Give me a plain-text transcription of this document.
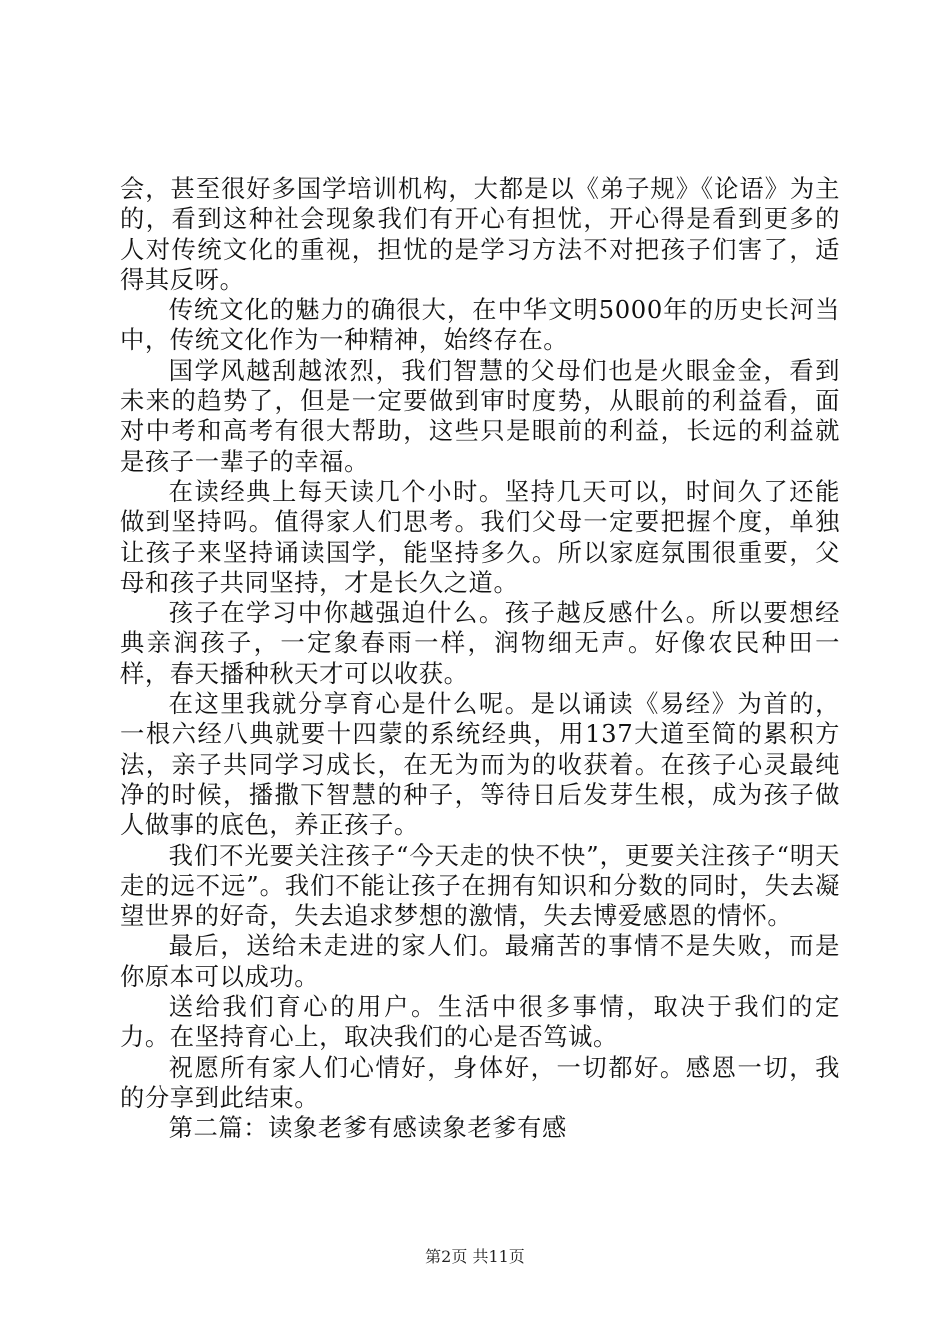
会，甚至很好多国学培训机构，大都是以《弟子规》《论语》为主的，看到这种社会现象我们有开心有担忧，开心得是看到更多的人对传统文化的重视，担忧的是学习方法不对把孩子们害了，适得其反呀。

传统文化的魅力的确很大，在中华文明5000年的历史长河当中，传统文化作为一种精神，始终存在。

国学风越刮越浓烈，我们智慧的父母们也是火眼金金，看到未来的趋势了，但是一定要做到审时度势，从眼前的利益看，面对中考和高考有很大帮助，这些只是眼前的利益，长远的利益就是孩子一辈子的幸福。

在读经典上每天读几个小时。坚持几天可以，时间久了还能做到坚持吗。值得家人们思考。我们父母一定要把握个度，单独让孩子来坚持诵读国学，能坚持多久。所以家庭氛围很重要，父母和孩子共同坚持，才是长久之道。

孩子在学习中你越强迫什么。孩子越反感什么。所以要想经典亲润孩子，一定象春雨一样，润物细无声。好像农民种田一样，春天播种秋天才可以收获。

在这里我就分享育心是什么呢。是以诵读《易经》为首的，一根六经八典就要十四蒙的系统经典，用137大道至简的累积方法，亲子共同学习成长，在无为而为的收获着。在孩子心灵最纯净的时候，播撒下智慧的种子，等待日后发芽生根，成为孩子做人做事的底色，养正孩子。

我们不光要关注孩子“今天走的快不快”，更要关注孩子“明天走的远不远”。我们不能让孩子在拥有知识和分数的同时，失去凝望世界的好奇，失去追求梦想的激情，失去博爱感恩的情怀。

最后，送给未走进的家人们。最痛苦的事情不是失败，而是你原本可以成功。

送给我们育心的用户。生活中很多事情，取决于我们的定力。在坚持育心上，取决我们的心是否笃诚。

祝愿所有家人们心情好，身体好，一切都好。感恩一切，我的分享到此结束。

第二篇：读象老爹有感读象老爹有感

第2页 共11页
